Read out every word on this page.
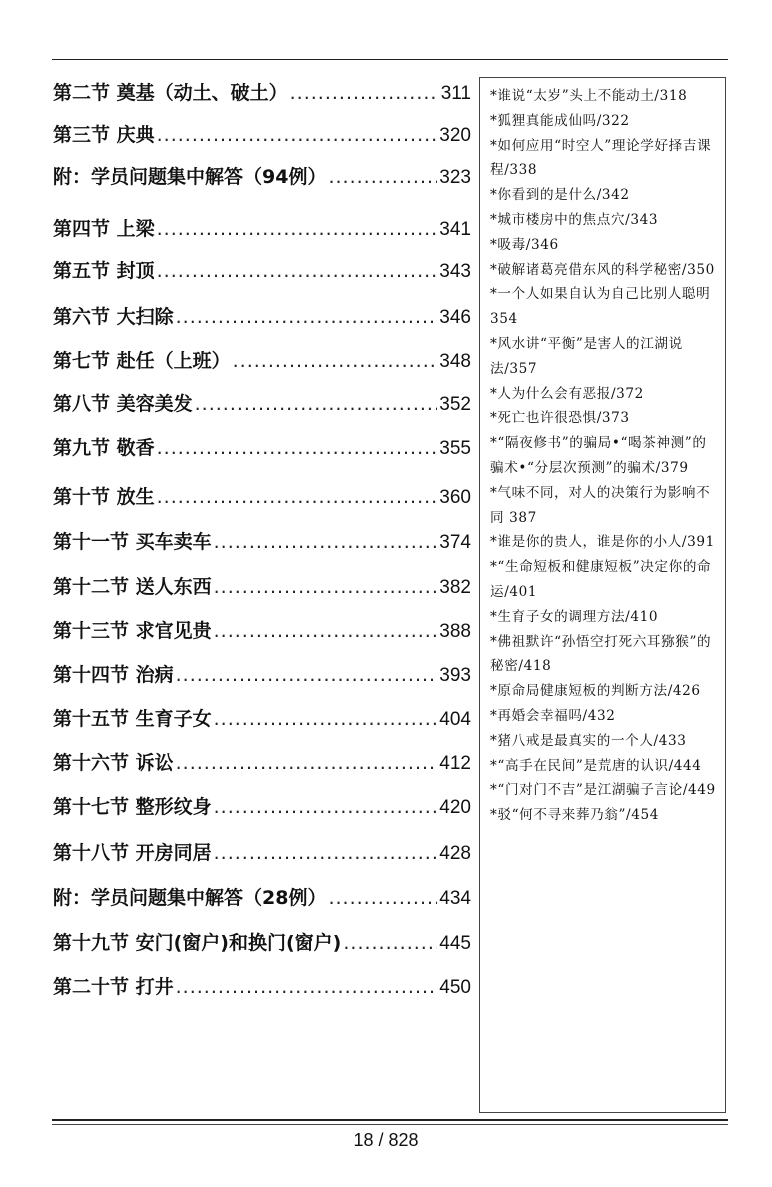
第二节 奠基（动土、破土） .....	311
第三节 庆典 .....	320
附：学员问题集中解答（94例） .....	323
第四节 上梁 .....	341
第五节 封顶 .....	343
第六节 大扫除 .....	346
第七节 赴任（上班） .....	348
第八节 美容美发 .....	352
第九节 敬香 .....	355
第十节 放生 .....	360
第十一节 买车卖车 .....	374
第十二节 送人东西 .....	382
第十三节 求官见贵 .....	388
第十四节 治病 .....	393
第十五节 生育子女 .....	404
第十六节 诉讼 .....	412
第十七节 整形纹身 .....	420
第十八节 开房同居 .....	428
附：学员问题集中解答（28例） .....	434
第十九节 安门(窗户)和换门(窗户) .....	445
第二十节 打井 .....	450
*谁说“太岁”头上不能动土/318
*狐狸真能成仙吗/322
*如何应用“时空人”理论学好择吉课程/338
*你看到的是什么/342
*城市楼房中的焦点穴/343
*吸毒/346
*破解诸葛亮借东风的科学秘密/350
*一个人如果自认为自己比别人聪明 354
*风水讲“平衡”是害人的江湖说法/357
*人为什么会有恶报/372
*死亡也许很恐惧/373
*“隔夜修书”的骗局•“喝茶神测”的骗术•“分层次预测”的骗术/379
*气味不同，对人的决策行为影响不同 387
*谁是你的贵人，谁是你的小人/391
*“生命短板和健康短板”决定你的命运/401
*生育子女的调理方法/410
*佛祖默许“孙悟空打死六耳猕猴”的秘密/418
*原命局健康短板的判断方法/426
*再婚会幸福吗/432
*猪八戒是最真实的一个人/433
*“高手在民间”是荒唐的认识/444
*“门对门不吉”是江湖骗子言论/449
*驳“何不寻来葬乃翁”/454
18 / 828
